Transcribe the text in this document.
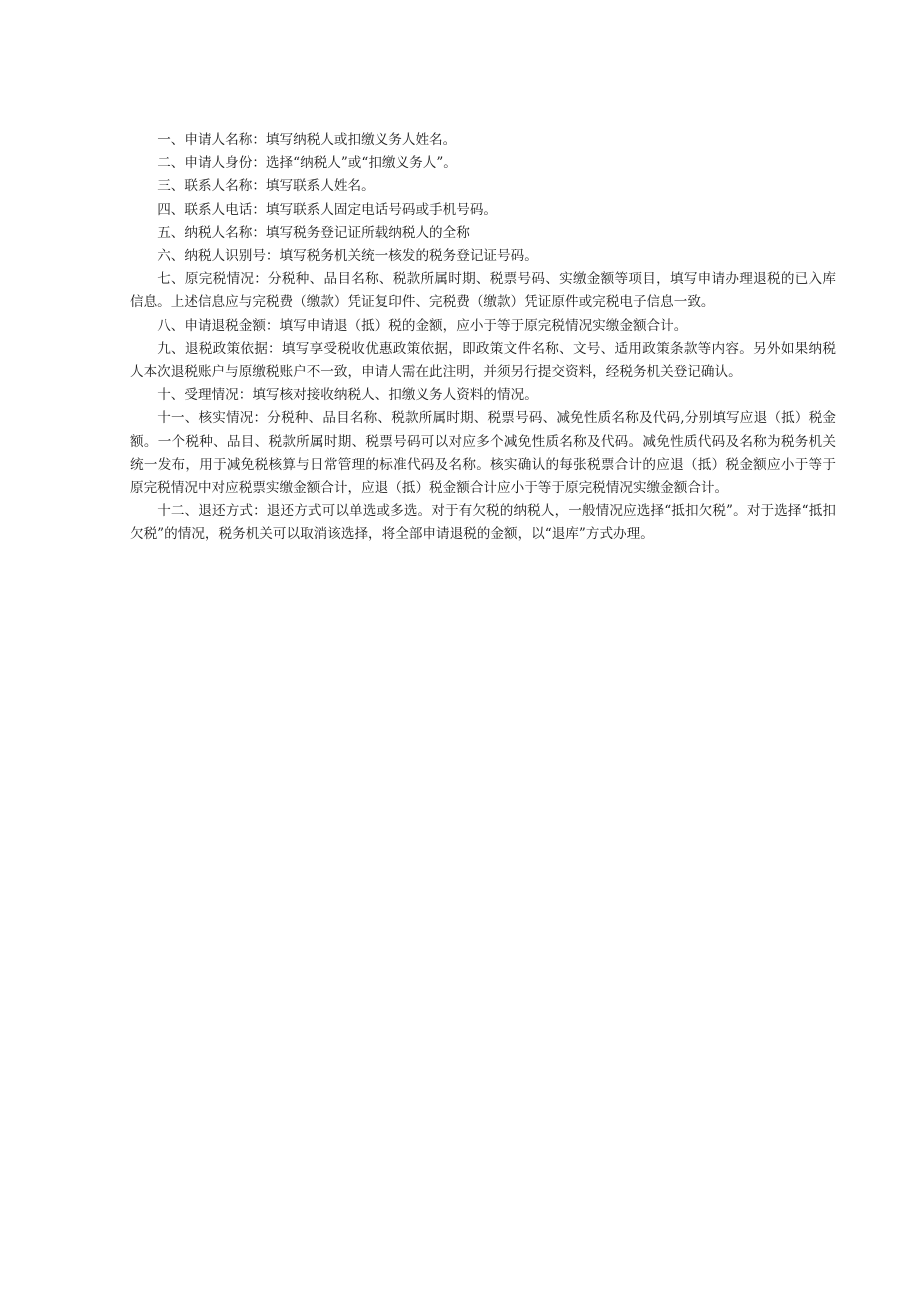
一、申请人名称：填写纳税人或扣缴义务人姓名。

二、申请人身份：选择“纳税人”或“扣缴义务人”。

三、联系人名称：填写联系人姓名。

四、联系人电话：填写联系人固定电话号码或手机号码。

五、纳税人名称：填写税务登记证所载纳税人的全称

六、纳税人识别号：填写税务机关统一核发的税务登记证号码。

七、原完税情况：分税种、品目名称、税款所属时期、税票号码、实缴金额等项目，填写申请办理退税的已入库信息。上述信息应与完税费（缴款）凭证复印件、完税费（缴款）凭证原件或完税电子信息一致。

八、申请退税金额：填写申请退（抵）税的金额，应小于等于原完税情况实缴金额合计。

九、退税政策依据：填写享受税收优惠政策依据，即政策文件名称、文号、适用政策条款等内容。另外如果纳税人本次退税账户与原缴税账户不一致，申请人需在此注明，并须另行提交资料，经税务机关登记确认。

十、受理情况：填写核对接收纳税人、扣缴义务人资料的情况。

十一、核实情况：分税种、品目名称、税款所属时期、税票号码、减免性质名称及代码,分别填写应退（抵）税金额。一个税种、品目、税款所属时期、税票号码可以对应多个减免性质名称及代码。减免性质代码及名称为税务机关统一发布，用于减免税核算与日常管理的标准代码及名称。核实确认的每张税票合计的应退（抵）税金额应小于等于原完税情况中对应税票实缴金额合计，应退（抵）税金额合计应小于等于原完税情况实缴金额合计。

十二、退还方式：退还方式可以单选或多选。对于有欠税的纳税人，一般情况应选择“抵扣欠税”。对于选择“抵扣欠税”的情况，税务机关可以取消该选择，将全部申请退税的金额，以“退库”方式办理。
